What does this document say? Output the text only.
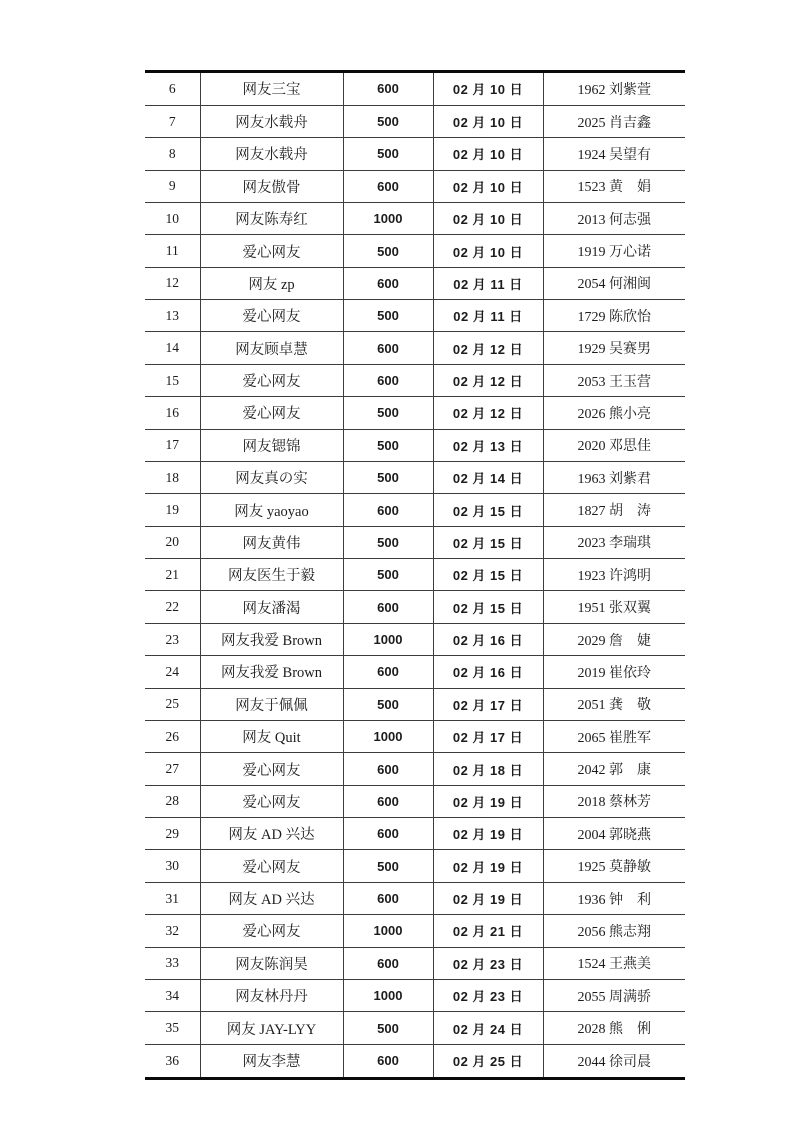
6	网友三宝	600	02 月 10 日	1962 刘紫萱
7	网友水载舟	500	02 月 10 日	2025 肖吉鑫
8	网友水载舟	500	02 月 10 日	1924 吴望有
9	网友傲骨	600	02 月 10 日	1523 黄　娟
10	网友陈寿红	1000	02 月 10 日	2013 何志强
11	爱心网友	500	02 月 10 日	1919 万心诺
12	网友 zp	600	02 月 11 日	2054 何湘闽
13	爱心网友	500	02 月 11 日	1729 陈欣怡
14	网友顾卓慧	600	02 月 12 日	1929 吴赛男
15	爱心网友	600	02 月 12 日	2053 王玉营
16	爱心网友	500	02 月 12 日	2026 熊小亮
17	网友锶锦	500	02 月 13 日	2020 邓思佳
18	网友真の实	500	02 月 14 日	1963 刘紫君
19	网友 yaoyao	600	02 月 15 日	1827 胡　涛
20	网友黄伟	500	02 月 15 日	2023 李瑞琪
21	网友医生于毅	500	02 月 15 日	1923 许鸿明
22	网友潘渴	600	02 月 15 日	1951 张双翼
23	网友我爱 Brown	1000	02 月 16 日	2029 詹　婕
24	网友我爱 Brown	600	02 月 16 日	2019 崔依玲
25	网友于佩佩	500	02 月 17 日	2051 龚　敬
26	网友 Quit	1000	02 月 17 日	2065 崔胜军
27	爱心网友	600	02 月 18 日	2042 郭　康
28	爱心网友	600	02 月 19 日	2018 蔡林芳
29	网友 AD 兴达	600	02 月 19 日	2004 郭晓燕
30	爱心网友	500	02 月 19 日	1925 莫静敏
31	网友 AD 兴达	600	02 月 19 日	1936 钟　利
32	爱心网友	1000	02 月 21 日	2056 熊志翔
33	网友陈润昊	600	02 月 23 日	1524 王燕美
34	网友林丹丹	1000	02 月 23 日	2055 周满骄
35	网友 JAY-LYY	500	02 月 24 日	2028 熊　俐
36	网友李慧	600	02 月 25 日	2044 徐司晨
